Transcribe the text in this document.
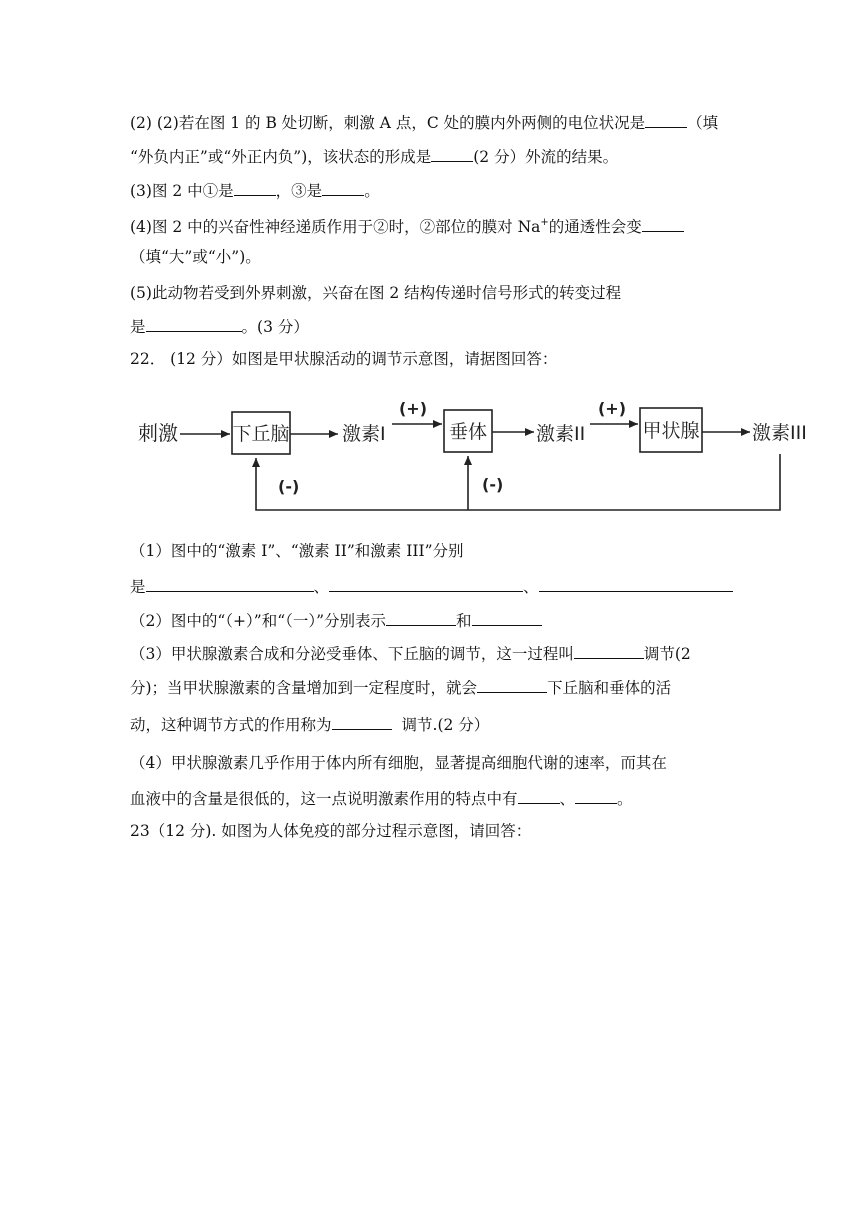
(2) (2)若在图 1 的 B 处切断，刺激 A 点，C 处的膜内外两侧的电位状况是	（填
“外负内正”或“外正内负”)，该状态的形成是	(2 分）外流的结果。
(3)图 2 中①是	，③是	。
(4)图 2 中的兴奋性神经递质作用于②时，②部位的膜对 Na+的通透性会变
（填“大”或“小”)。
(5)此动物若受到外界刺激，兴奋在图 2 结构传递时信号形式的转变过程
是	。(3 分）
22． (12 分）如图是甲状腺活动的调节示意图，请据图回答：
刺激	下丘脑	激素I
(+)
垂体	激素II
(+)
甲状腺	激素III
(-)	(-)
（1）图中的“激素 I”、“激素 II”和激素 III”分别
是	、	、
（2）图中的“（+）”和“（一）”分别表示	和
（3）甲状腺激素合成和分泌受垂体、下丘脑的调节，这一过程叫	调节(2
分)；当甲状腺激素的含量增加到一定程度时，就会	下丘脑和垂体的活
动，这种调节方式的作用称为	调节.(2 分）
（4）甲状腺激素几乎作用于体内所有细胞，显著提高细胞代谢的速率，而其在
血液中的含量是很低的，这一点说明激素作用的特点中有	、	。
23（12 分). 如图为人体免疫的部分过程示意图，请回答：
